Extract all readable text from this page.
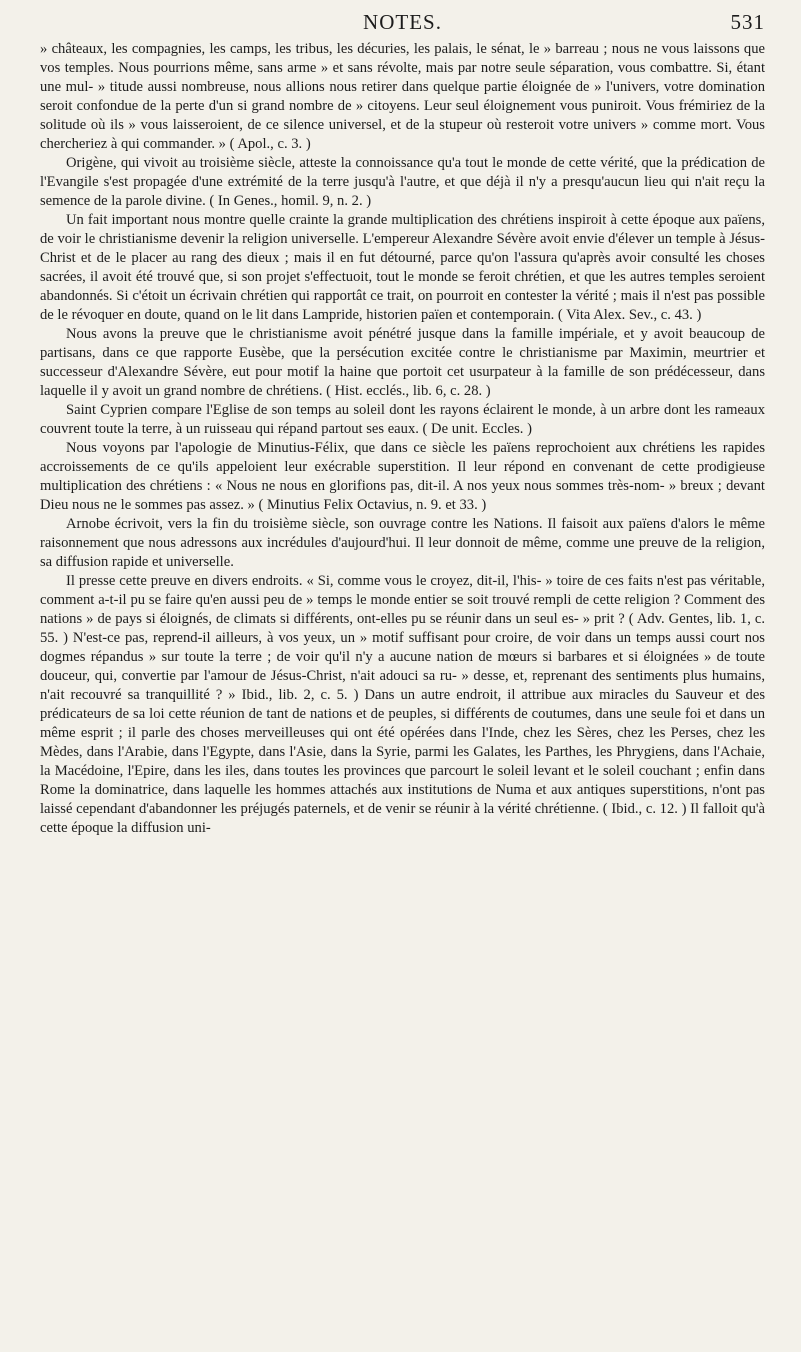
NOTES.	531

» châteaux, les compagnies, les camps, les tribus, les décuries, les palais, le sénat, le » barreau ; nous ne vous laissons que vos temples. Nous pourrions même, sans arme » et sans révolte, mais par notre seule séparation, vous combattre. Si, étant une mul- » titude aussi nombreuse, nous allions nous retirer dans quelque partie éloignée de » l'univers, votre domination seroit confondue de la perte d'un si grand nombre de » citoyens. Leur seul éloignement vous puniroit. Vous frémiriez de la solitude où ils » vous laisseroient, de ce silence universel, et de la stupeur où resteroit votre univers » comme mort. Vous chercheriez à qui commander. » ( Apol., c. 3. )

Origène, qui vivoit au troisième siècle, atteste la connoissance qu'a tout le monde de cette vérité, que la prédication de l'Evangile s'est propagée d'une extrémité de la terre jusqu'à l'autre, et que déjà il n'y a presqu'aucun lieu qui n'ait reçu la semence de la parole divine. ( In Genes., homil. 9, n. 2. )

Un fait important nous montre quelle crainte la grande multiplication des chrétiens inspiroit à cette époque aux païens, de voir le christianisme devenir la religion universelle. L'empereur Alexandre Sévère avoit envie d'élever un temple à Jésus-Christ et de le placer au rang des dieux ; mais il en fut détourné, parce qu'on l'assura qu'après avoir consulté les choses sacrées, il avoit été trouvé que, si son projet s'effectuoit, tout le monde se feroit chrétien, et que les autres temples seroient abandonnés. Si c'étoit un écrivain chrétien qui rapportât ce trait, on pourroit en contester la vérité ; mais il n'est pas possible de le révoquer en doute, quand on le lit dans Lampride, historien païen et contemporain. ( Vita Alex. Sev., c. 43. )

Nous avons la preuve que le christianisme avoit pénétré jusque dans la famille impériale, et y avoit beaucoup de partisans, dans ce que rapporte Eusèbe, que la persécution excitée contre le christianisme par Maximin, meurtrier et successeur d'Alexandre Sévère, eut pour motif la haine que portoit cet usurpateur à la famille de son prédécesseur, dans laquelle il y avoit un grand nombre de chrétiens. ( Hist. ecclés., lib. 6, c. 28. )

Saint Cyprien compare l'Eglise de son temps au soleil dont les rayons éclairent le monde, à un arbre dont les rameaux couvrent toute la terre, à un ruisseau qui répand partout ses eaux. ( De unit. Eccles. )

Nous voyons par l'apologie de Minutius-Félix, que dans ce siècle les païens reprochoient aux chrétiens les rapides accroissements de ce qu'ils appeloient leur exécrable superstition. Il leur répond en convenant de cette prodigieuse multiplication des chrétiens : « Nous ne nous en glorifions pas, dit-il. A nos yeux nous sommes très-nom- » breux ; devant Dieu nous ne le sommes pas assez. » ( Minutius Felix Octavius, n. 9. et 33. )

Arnobe écrivoit, vers la fin du troisième siècle, son ouvrage contre les Nations. Il faisoit aux païens d'alors le même raisonnement que nous adressons aux incrédules d'aujourd'hui. Il leur donnoit de même, comme une preuve de la religion, sa diffusion rapide et universelle.

Il presse cette preuve en divers endroits. « Si, comme vous le croyez, dit-il, l'his- » toire de ces faits n'est pas véritable, comment a-t-il pu se faire qu'en aussi peu de » temps le monde entier se soit trouvé rempli de cette religion ? Comment des nations » de pays si éloignés, de climats si différents, ont-elles pu se réunir dans un seul es- » prit ? ( Adv. Gentes, lib. 1, c. 55. ) N'est-ce pas, reprend-il ailleurs, à vos yeux, un » motif suffisant pour croire, de voir dans un temps aussi court nos dogmes répandus » sur toute la terre ; de voir qu'il n'y a aucune nation de mœurs si barbares et si éloignées » de toute douceur, qui, convertie par l'amour de Jésus-Christ, n'ait adouci sa ru- » desse, et, reprenant des sentiments plus humains, n'ait recouvré sa tranquillité ? » Ibid., lib. 2, c. 5. ) Dans un autre endroit, il attribue aux miracles du Sauveur et des prédicateurs de sa loi cette réunion de tant de nations et de peuples, si différents de coutumes, dans une seule foi et dans un même esprit ; il parle des choses merveilleuses qui ont été opérées dans l'Inde, chez les Sères, chez les Perses, chez les Mèdes, dans l'Arabie, dans l'Egypte, dans l'Asie, dans la Syrie, parmi les Galates, les Parthes, les Phrygiens, dans l'Achaie, la Macédoine, l'Epire, dans les iles, dans toutes les provinces que parcourt le soleil levant et le soleil couchant ; enfin dans Rome la dominatrice, dans laquelle les hommes attachés aux institutions de Numa et aux antiques superstitions, n'ont pas laissé cependant d'abandonner les préjugés paternels, et de venir se réunir à la vérité chrétienne. ( Ibid., c. 12. ) Il falloit qu'à cette époque la diffusion uni-
